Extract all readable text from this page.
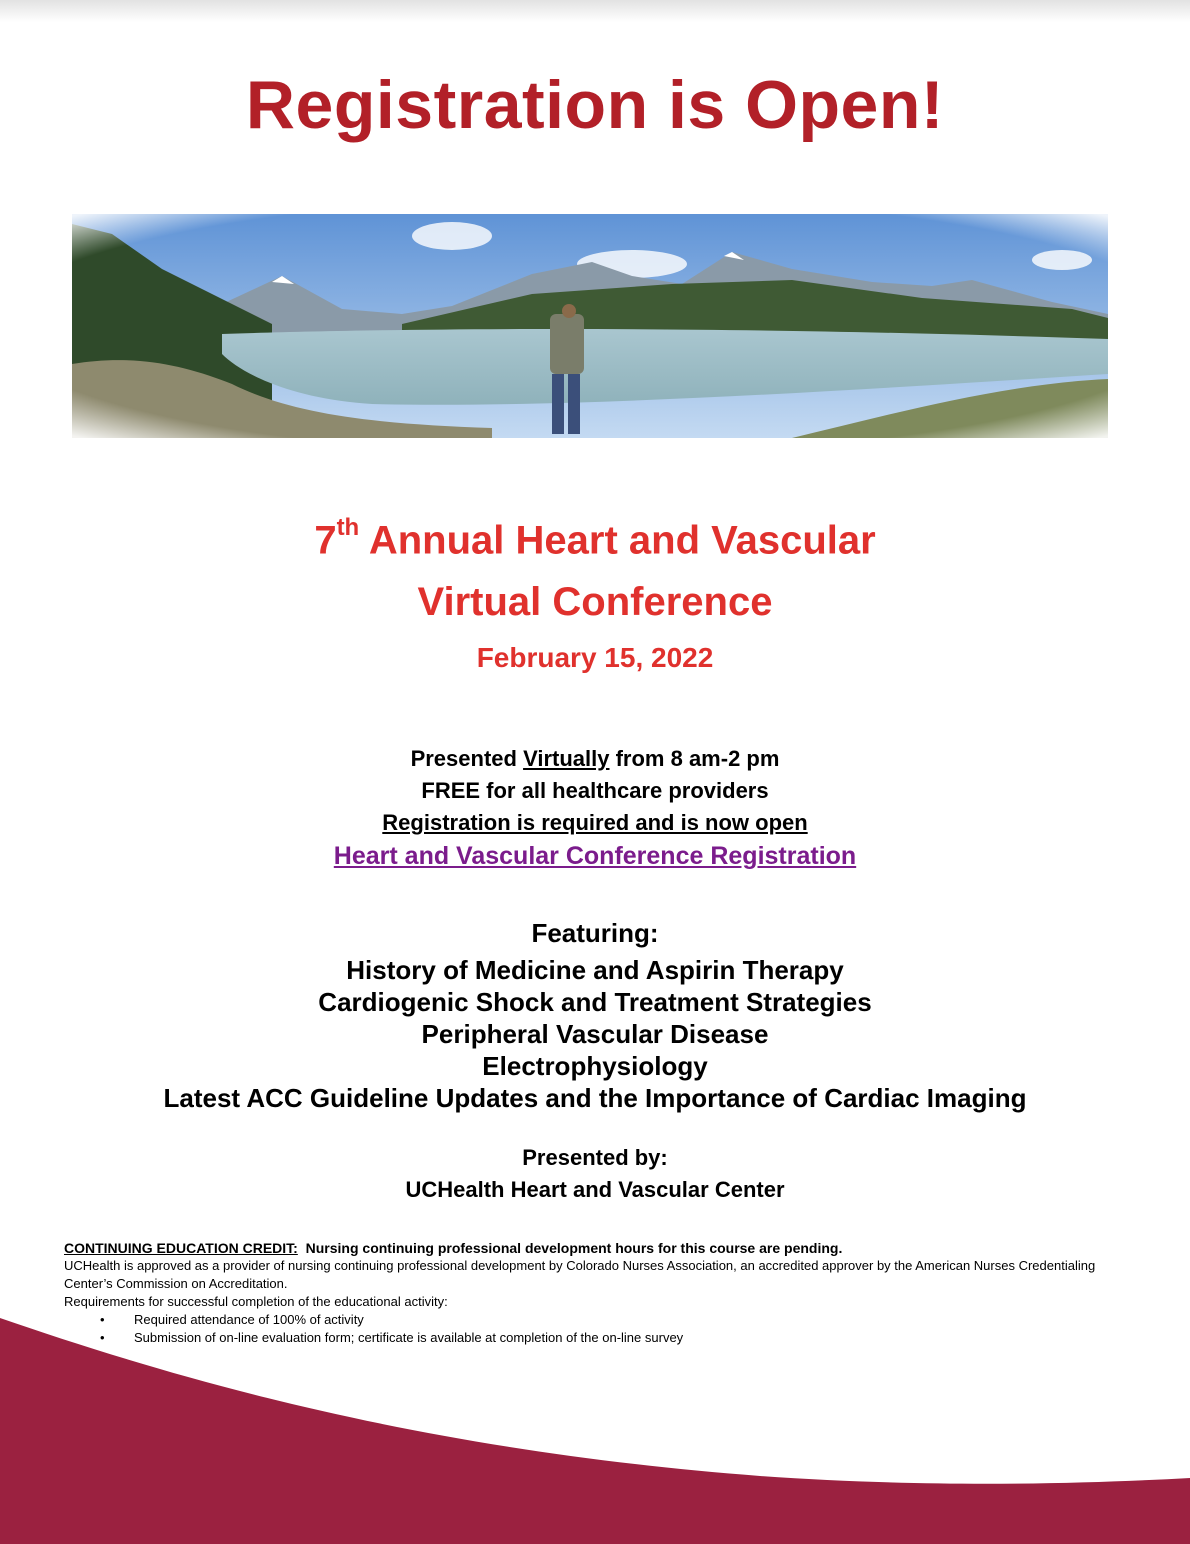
Registration is Open!
7th Annual Heart and Vascular
Virtual Conference
February 15, 2022
Presented Virtually from 8 am-2 pm
FREE for all healthcare providers
Registration is required and is now open
Heart and Vascular Conference Registration
Featuring:
History of Medicine and Aspirin Therapy
Cardiogenic Shock and Treatment Strategies
Peripheral Vascular Disease
Electrophysiology
Latest ACC Guideline Updates and the Importance of Cardiac Imaging
Presented by:
UCHealth Heart and Vascular Center
CONTINUING EDUCATION CREDIT:  Nursing continuing professional development hours for this course are pending.
UCHealth is approved as a provider of nursing continuing professional development by Colorado Nurses Association, an accredited approver by the American Nurses Credentialing Center’s Commission on Accreditation.
Requirements for successful completion of the educational activity:
• Required attendance of 100% of activity
• Submission of on-line evaluation form; certificate is available at completion of the on-line survey
